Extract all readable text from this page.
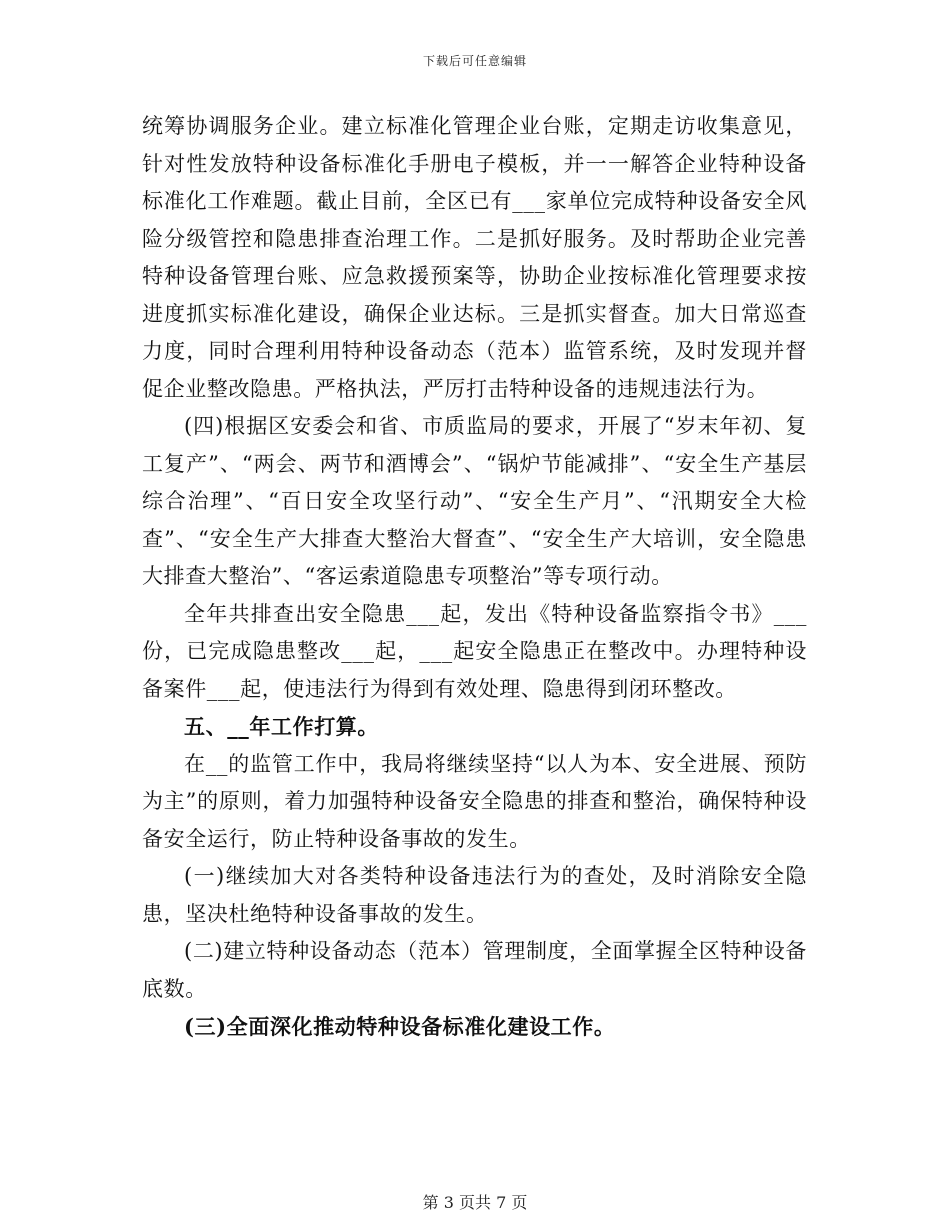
下载后可任意编辑

统筹协调服务企业。建立标准化管理企业台账，定期走访收集意见，针对性发放特种设备标准化手册电子模板，并一一解答企业特种设备标准化工作难题。截止目前，全区已有___家单位完成特种设备安全风险分级管控和隐患排查治理工作。二是抓好服务。及时帮助企业完善特种设备管理台账、应急救援预案等，协助企业按标准化管理要求按进度抓实标准化建设，确保企业达标。三是抓实督查。加大日常巡查力度，同时合理利用特种设备动态（范本）监管系统，及时发现并督促企业整改隐患。严格执法，严厉打击特种设备的违规违法行为。

(四)根据区安委会和省、市质监局的要求，开展了“岁末年初、复工复产”、“两会、两节和酒博会”、“锅炉节能减排”、“安全生产基层综合治理”、“百日安全攻坚行动”、“安全生产月”、“汛期安全大检查”、“安全生产大排查大整治大督查”、“安全生产大培训，安全隐患大排查大整治”、“客运索道隐患专项整治”等专项行动。

全年共排查出安全隐患___起，发出《特种设备监察指令书》___份，已完成隐患整改___起，___起安全隐患正在整改中。办理特种设备案件___起，使违法行为得到有效处理、隐患得到闭环整改。

五、__年工作打算。

在__的监管工作中，我局将继续坚持“以人为本、安全进展、预防为主”的原则，着力加强特种设备安全隐患的排查和整治，确保特种设备安全运行，防止特种设备事故的发生。

(一)继续加大对各类特种设备违法行为的查处，及时消除安全隐患，坚决杜绝特种设备事故的发生。

(二)建立特种设备动态（范本）管理制度，全面掌握全区特种设备底数。

(三)全面深化推动特种设备标准化建设工作。

第 3 页共 7 页
